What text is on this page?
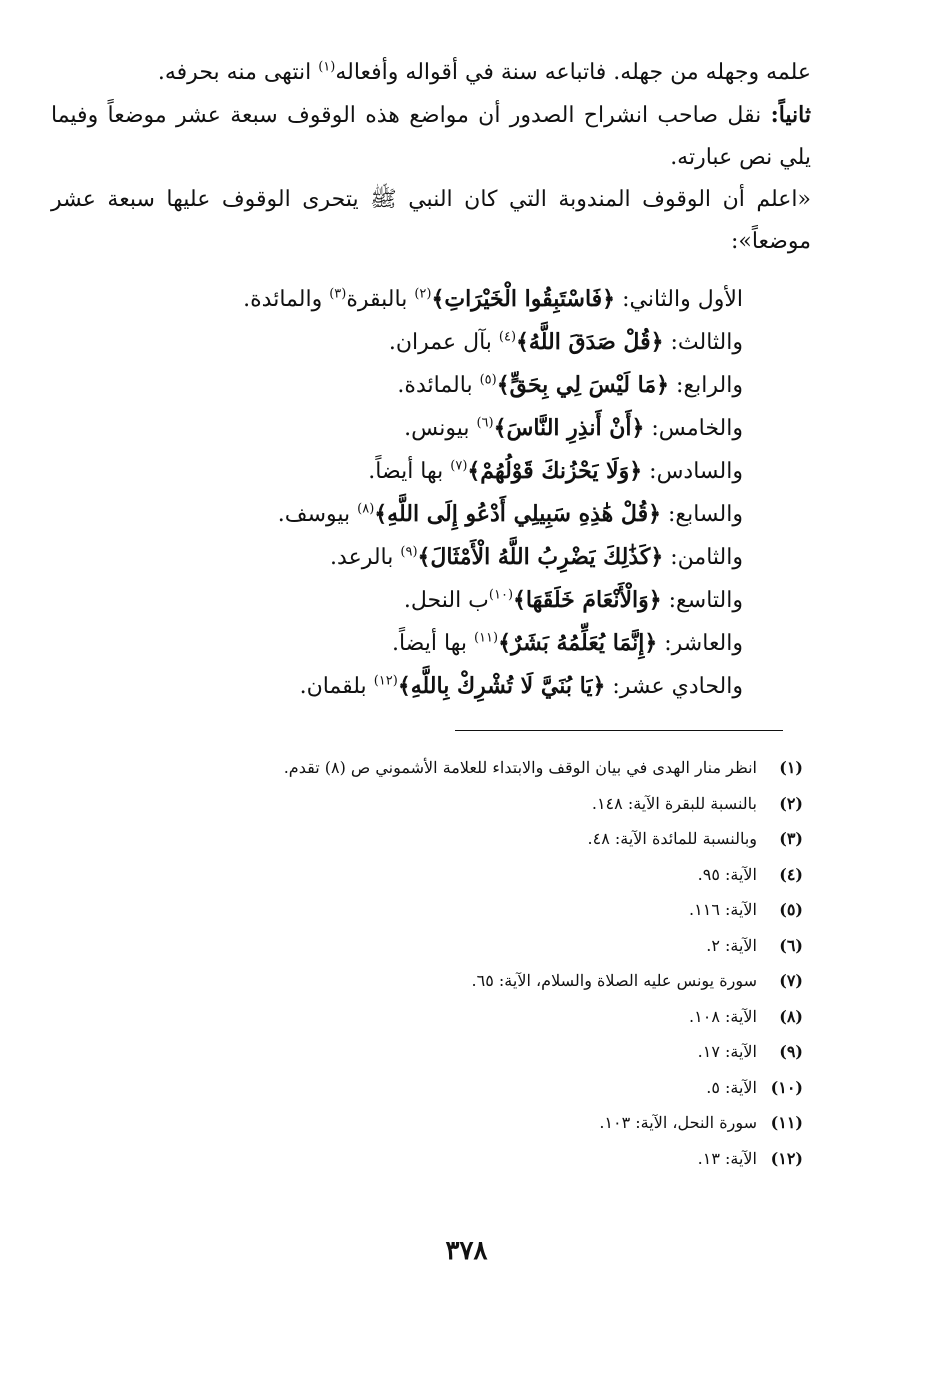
علمه وجهله من جهله. فاتباعه سنة في أقواله وأفعاله$^{(١)}$ انتهى منه بحرفه.

ثانياً: نقل صاحب انشراح الصدور أن مواضع هذه الوقوف سبعة عشر موضعاً وفيما يلي نص عبارته.

«اعلم أن الوقوف المندوبة التي كان النبي ﷺ يتحرى الوقوف عليها سبعة عشر موضعاً»:

الأول والثاني: ﴿فَاسْتَبِقُوا الْخَيْرَاتِ﴾$^{(٢)}$ بالبقرة$^{(٣)}$ والمائدة.
والثالث: ﴿قُلْ صَدَقَ اللَّهُ﴾$^{(٤)}$ بآل عمران.
والرابع: ﴿مَا لَيْسَ لِي بِحَقٍّ﴾$^{(٥)}$ بالمائدة.
والخامس: ﴿أَنْ أَنذِرِ النَّاسَ﴾$^{(٦)}$ بيونس.
والسادس: ﴿وَلَا يَحْزُنكَ قَوْلُهُمْ﴾$^{(٧)}$ بها أيضاً.
والسابع: ﴿قُلْ هَٰذِهِ سَبِيلِي أَدْعُو إِلَى اللَّهِ﴾$^{(٨)}$ بيوسف.
والثامن: ﴿كَذَٰلِكَ يَضْرِبُ اللَّهُ الْأَمْثَالَ﴾$^{(٩)}$ بالرعد.
والتاسع: ﴿وَالْأَنْعَامَ خَلَقَهَا﴾$^{(١٠)}$ب النحل.
والعاشر: ﴿إِنَّمَا يُعَلِّمُهُ بَشَرٌ﴾$^{(١١)}$ بها أيضاً.
والحادي عشر: ﴿يَا بُنَيَّ لَا تُشْرِكْ بِاللَّهِ﴾$^{(١٢)}$ بلقمان.
(١)انظر منار الهدى في بيان الوقف والابتداء للعلامة الأشموني ص (٨) تقدم.
(٢)بالنسبة للبقرة الآية: ١٤٨.
(٣)وبالنسبة للمائدة الآية: ٤٨.
(٤)الآية: ٩٥.
(٥)الآية: ١١٦.
(٦)الآية: ٢.
(٧)سورة يونس عليه الصلاة والسلام، الآية: ٦٥.
(٨)الآية: ١٠٨.
(٩)الآية: ١٧.
(١٠)الآية: ٥.
(١١)سورة النحل، الآية: ١٠٣.
(١٢)الآية: ١٣.
٣٧٨
